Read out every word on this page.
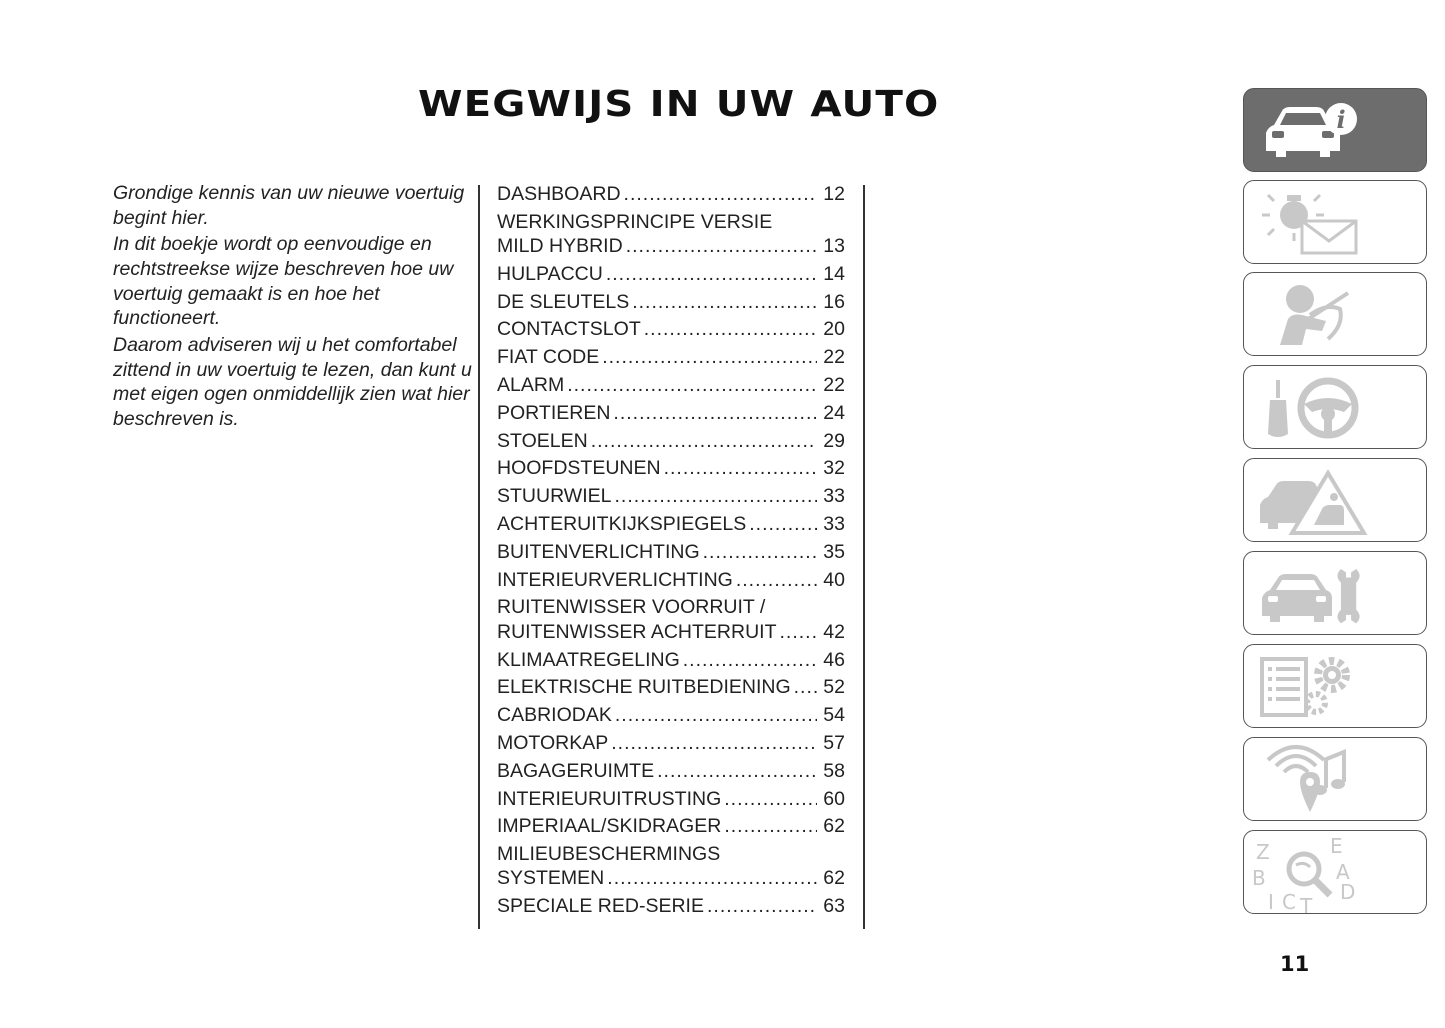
WEGWIJS IN UW AUTO

Grondige kennis van uw nieuwe voertuig begint hier.

In dit boekje wordt op eenvoudige en rechtstreekse wijze beschreven hoe uw voertuig gemaakt is en hoe het functioneert.

Daarom adviseren wij u het comfortabel zittend in uw voertuig te lezen, dan kunt u met eigen ogen onmiddellijk zien wat hier beschreven is.

DASHBOARD .....	12
WERKINGSPRINCIPE VERSIE
MILD HYBRID .....	13
HULPACCU .....	14
DE SLEUTELS .....	16
CONTACTSLOT .....	20
FIAT CODE .....	22
ALARM .....	22
PORTIEREN .....	24
STOELEN .....	29
HOOFDSTEUNEN .....	32
STUURWIEL .....	33
ACHTERUITKIJKSPIEGELS .....	33
BUITENVERLICHTING .....	35
INTERIEURVERLICHTING .....	40
RUITENWISSER VOORRUIT /
RUITENWISSER ACHTERRUIT ..... 42
KLIMAATREGELING .....	46
ELEKTRISCHE RUITBEDIENING ..... 52
CABRIODAK .....	54
MOTORKAP .....	57
BAGAGERUIMTE .....	58
INTERIEURUITRUSTING .....	60
IMPERIAAL/SKIDRAGER .....	62
MILIEUBESCHERMINGS
SYSTEMEN .....	62
SPECIALE RED-SERIE .....	63
i
Z	E
B	A
I C T
D
11
